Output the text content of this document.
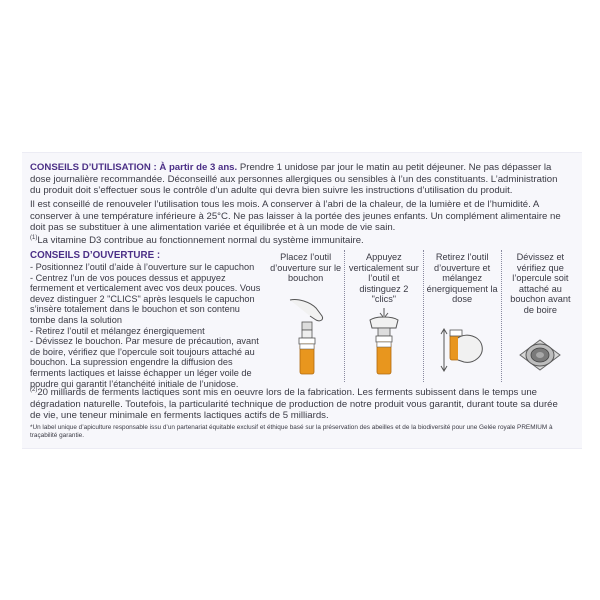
CONSEILS D’UTILISATION : À partir de 3 ans. Prendre 1 unidose par jour le matin au petit déjeuner. Ne pas dépasser la dose journalière recommandée. Déconseillé aux personnes allergiques ou sensibles à l’un des constituants. L’administration du produit doit s’effectuer sous le contrôle d’un adulte qui devra bien suivre les instructions d’utilisation du produit.

Il est conseillé de renouveler l’utilisation tous les mois. A conserver à l’abri de la chaleur, de la lumière et de l’humidité. A conserver à une température inférieure à 25°C. Ne pas laisser à la portée des jeunes enfants. Un complément alimentaire ne doit pas se substituer à une alimentation variée et équilibrée et à un mode de vie sain.

$^{(1)}$La vitamine D3 contribue au fonctionnement normal du système immunitaire.

CONSEILS D’OUVERTURE :
- Positionnez l’outil d’aide à l’ouverture sur le capuchon
- Centrez l’un de vos pouces dessus et appuyez fermement et verticalement avec vos deux pouces. Vous devez distinguer 2 "CLICS" après lesquels le capuchon s’insère totalement dans le bouchon et son contenu tombe dans la solution
- Retirez l’outil et mélangez énergiquement
- Dévissez le bouchon. Par mesure de précaution, avant de boire, vérifiez que l’opercule soit toujours attaché au bouchon. La supression engendre la diffusion des ferments lactiques et laisse échapper un léger voile de poudre qui garantit l’étanchéité initiale de l’unidose.
Placez l’outil d’ouverture sur le bouchon
Appuyez verticalement sur l’outil et distinguez 2 "clics"
Retirez l’outil d’ouverture et mélangez énergiquement la dose
Dévissez et vérifiez que l’opercule soit attaché au bouchon avant de boire

$^{(2)}$20 milliards de ferments lactiques sont mis en oeuvre lors de la fabrication. Les ferments subissent dans le temps une dégradation naturelle. Toutefois, la particularité technique de production de notre produit vous garantit, durant toute sa durée de vie, une teneur minimale en ferments lactiques actifs de 5 milliards.

*Un label unique d’apiculture responsable issu d’un partenariat équitable exclusif et éthique basé sur la préservation des abeilles et de la biodiversité pour une Gelée royale PREMIUM à traçabilité garantie.
